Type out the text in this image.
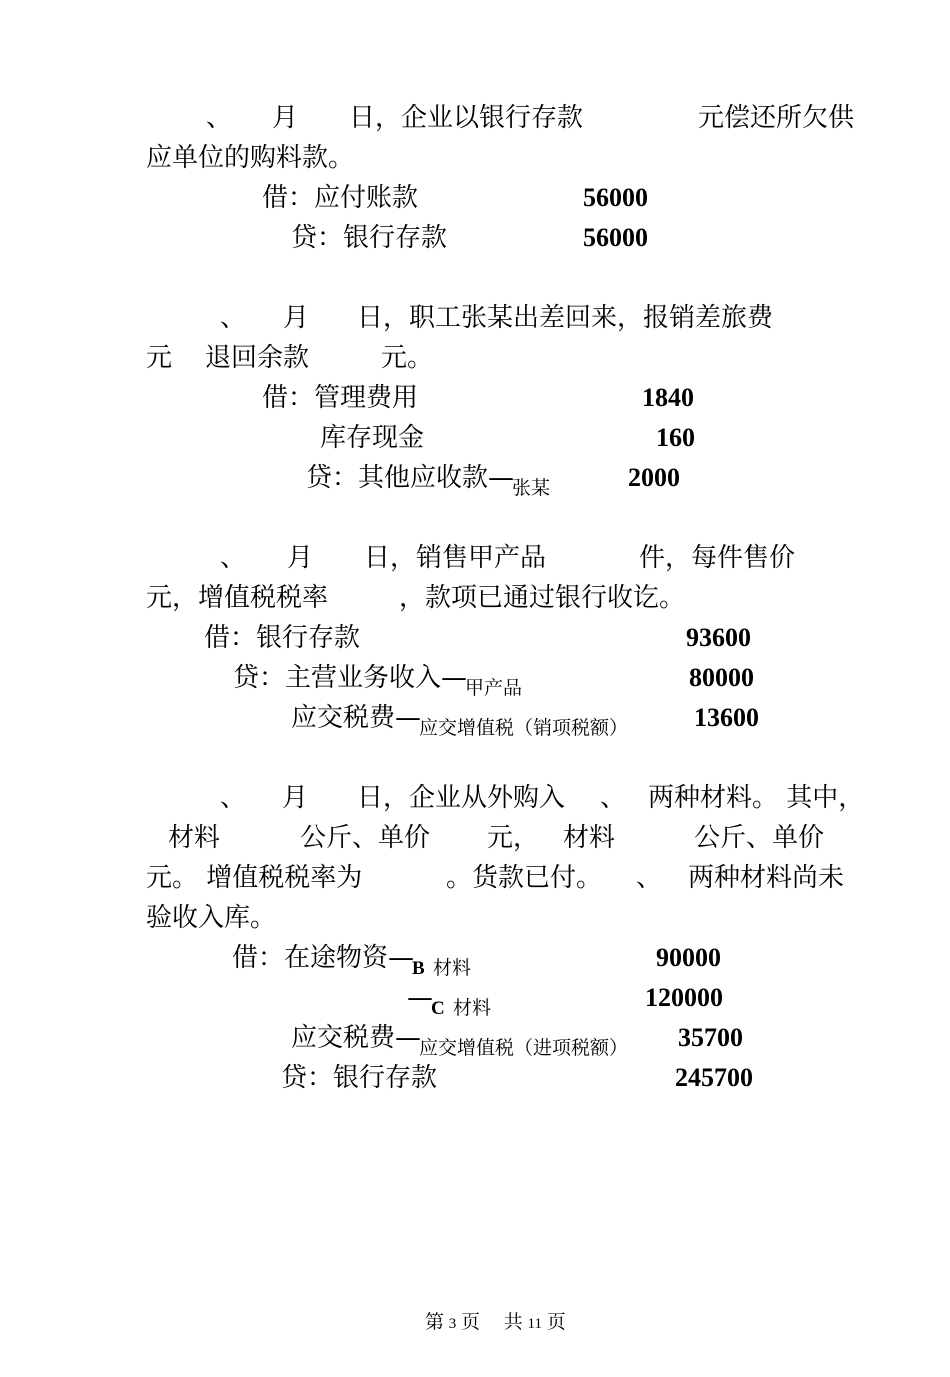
、 月 日，企业以银行存款	元偿还所欠供
应单位的购料款。
借：应付账款	56000
贷：银行存款	56000
、 月 日，职工张某出差回来，报销差旅费
元 退回余款	元。
借：管理费用	1840
库存现金	160
贷：其他应收款$—_{张某}$	2000
、 月 日，销售甲产品	件，每件售价
元，增值税税率	，款项已通过银行收讫。
借：银行存款	93600
贷：主营业务收入$—_{甲产品}$	80000
应交税费$—_{应交增值税(销项税额)}$	13600
、 月 日，企业从外购入 、 两种材料。 其中，
材料	公斤、单价 元， 材料	公斤、单价
元。 增值税税率为	。货款已付。 、 两种材料尚未
验收入库。
借：在途物资—B 材料	90000
—C 材料	120000
应交税费$—_{应交增值税(进项税额)}$ 35700
贷：银行存款	245700
第 3 页 共 11 页
